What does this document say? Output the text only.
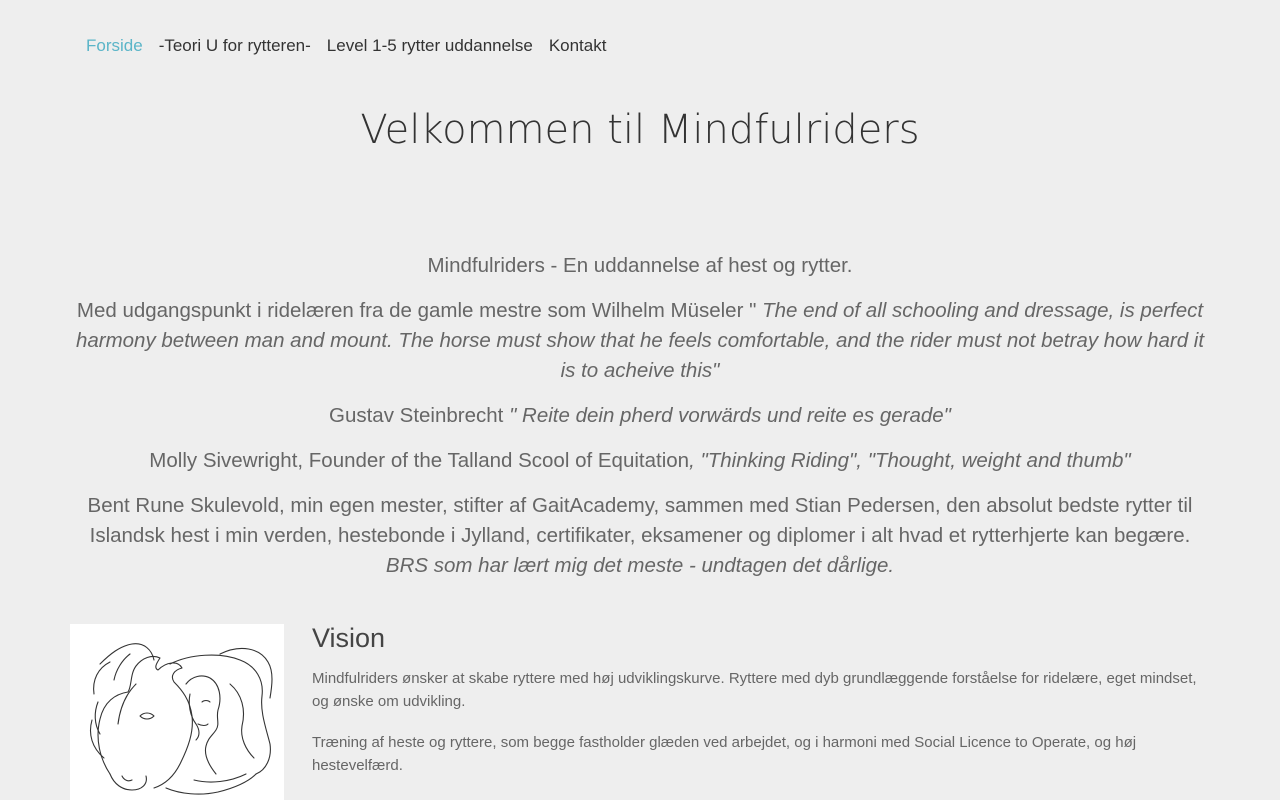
Forside -Teori U for rytteren- Level 1-5 rytter uddannelse Kontakt
Velkommen til Mindfulriders

Mindfulriders - En uddannelse af hest og rytter.

Med udgangspunkt i ridelæren fra de gamle mestre som Wilhelm Müseler " The end of all schooling and dressage, is perfect harmony between man and mount. The horse must show that he feels comfortable, and the rider must not betray how hard it is to acheive this"

Gustav Steinbrecht " Reite dein pherd vorwärds und reite es gerade"

Molly Sivewright, Founder of the Talland Scool of Equitation, "Thinking Riding", "Thought, weight and thumb"

Bent Rune Skulevold, min egen mester, stifter af GaitAcademy, sammen med Stian Pedersen, den absolut bedste rytter til Islandsk hest i min verden, hestebonde i Jylland, certifikater, eksamener og diplomer i alt hvad et rytterhjerte kan begære. BRS som har lært mig det meste - undtagen det dårlige.

Vision

Mindfulriders ønsker at skabe ryttere med høj udviklingskurve. Ryttere med dyb grundlæggende forståelse for ridelære, eget mindset, og ønske om udvikling.

Træning af heste og ryttere, som begge fastholder glæden ved arbejdet, og i harmoni med Social Licence to Operate, og høj hestevelfærd.
